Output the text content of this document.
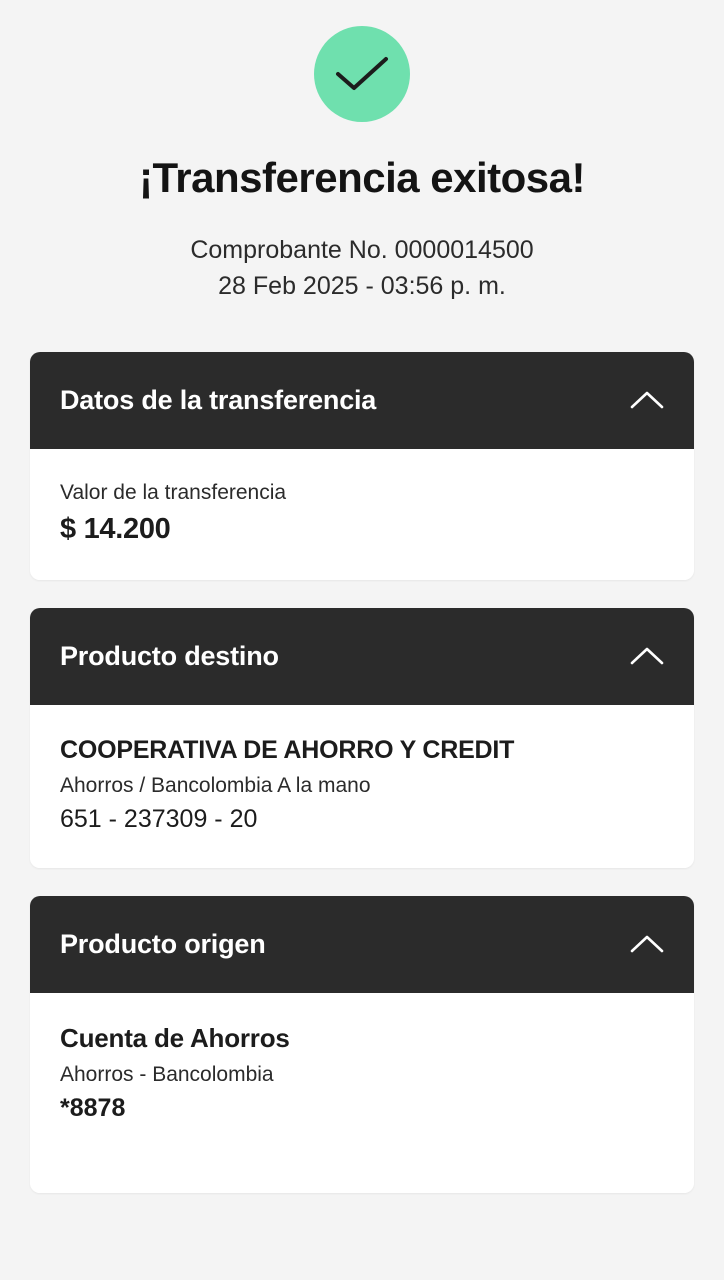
¡Transferencia exitosa!
Comprobante No. 0000014500
28 Feb 2025 - 03:56 p. m.
Datos de la transferencia
Valor de la transferencia
$ 14.200
Producto destino
COOPERATIVA DE AHORRO Y CREDIT
Ahorros / Bancolombia A la mano
651 - 237309 - 20
Producto origen
Cuenta de Ahorros
Ahorros - Bancolombia
*8878
